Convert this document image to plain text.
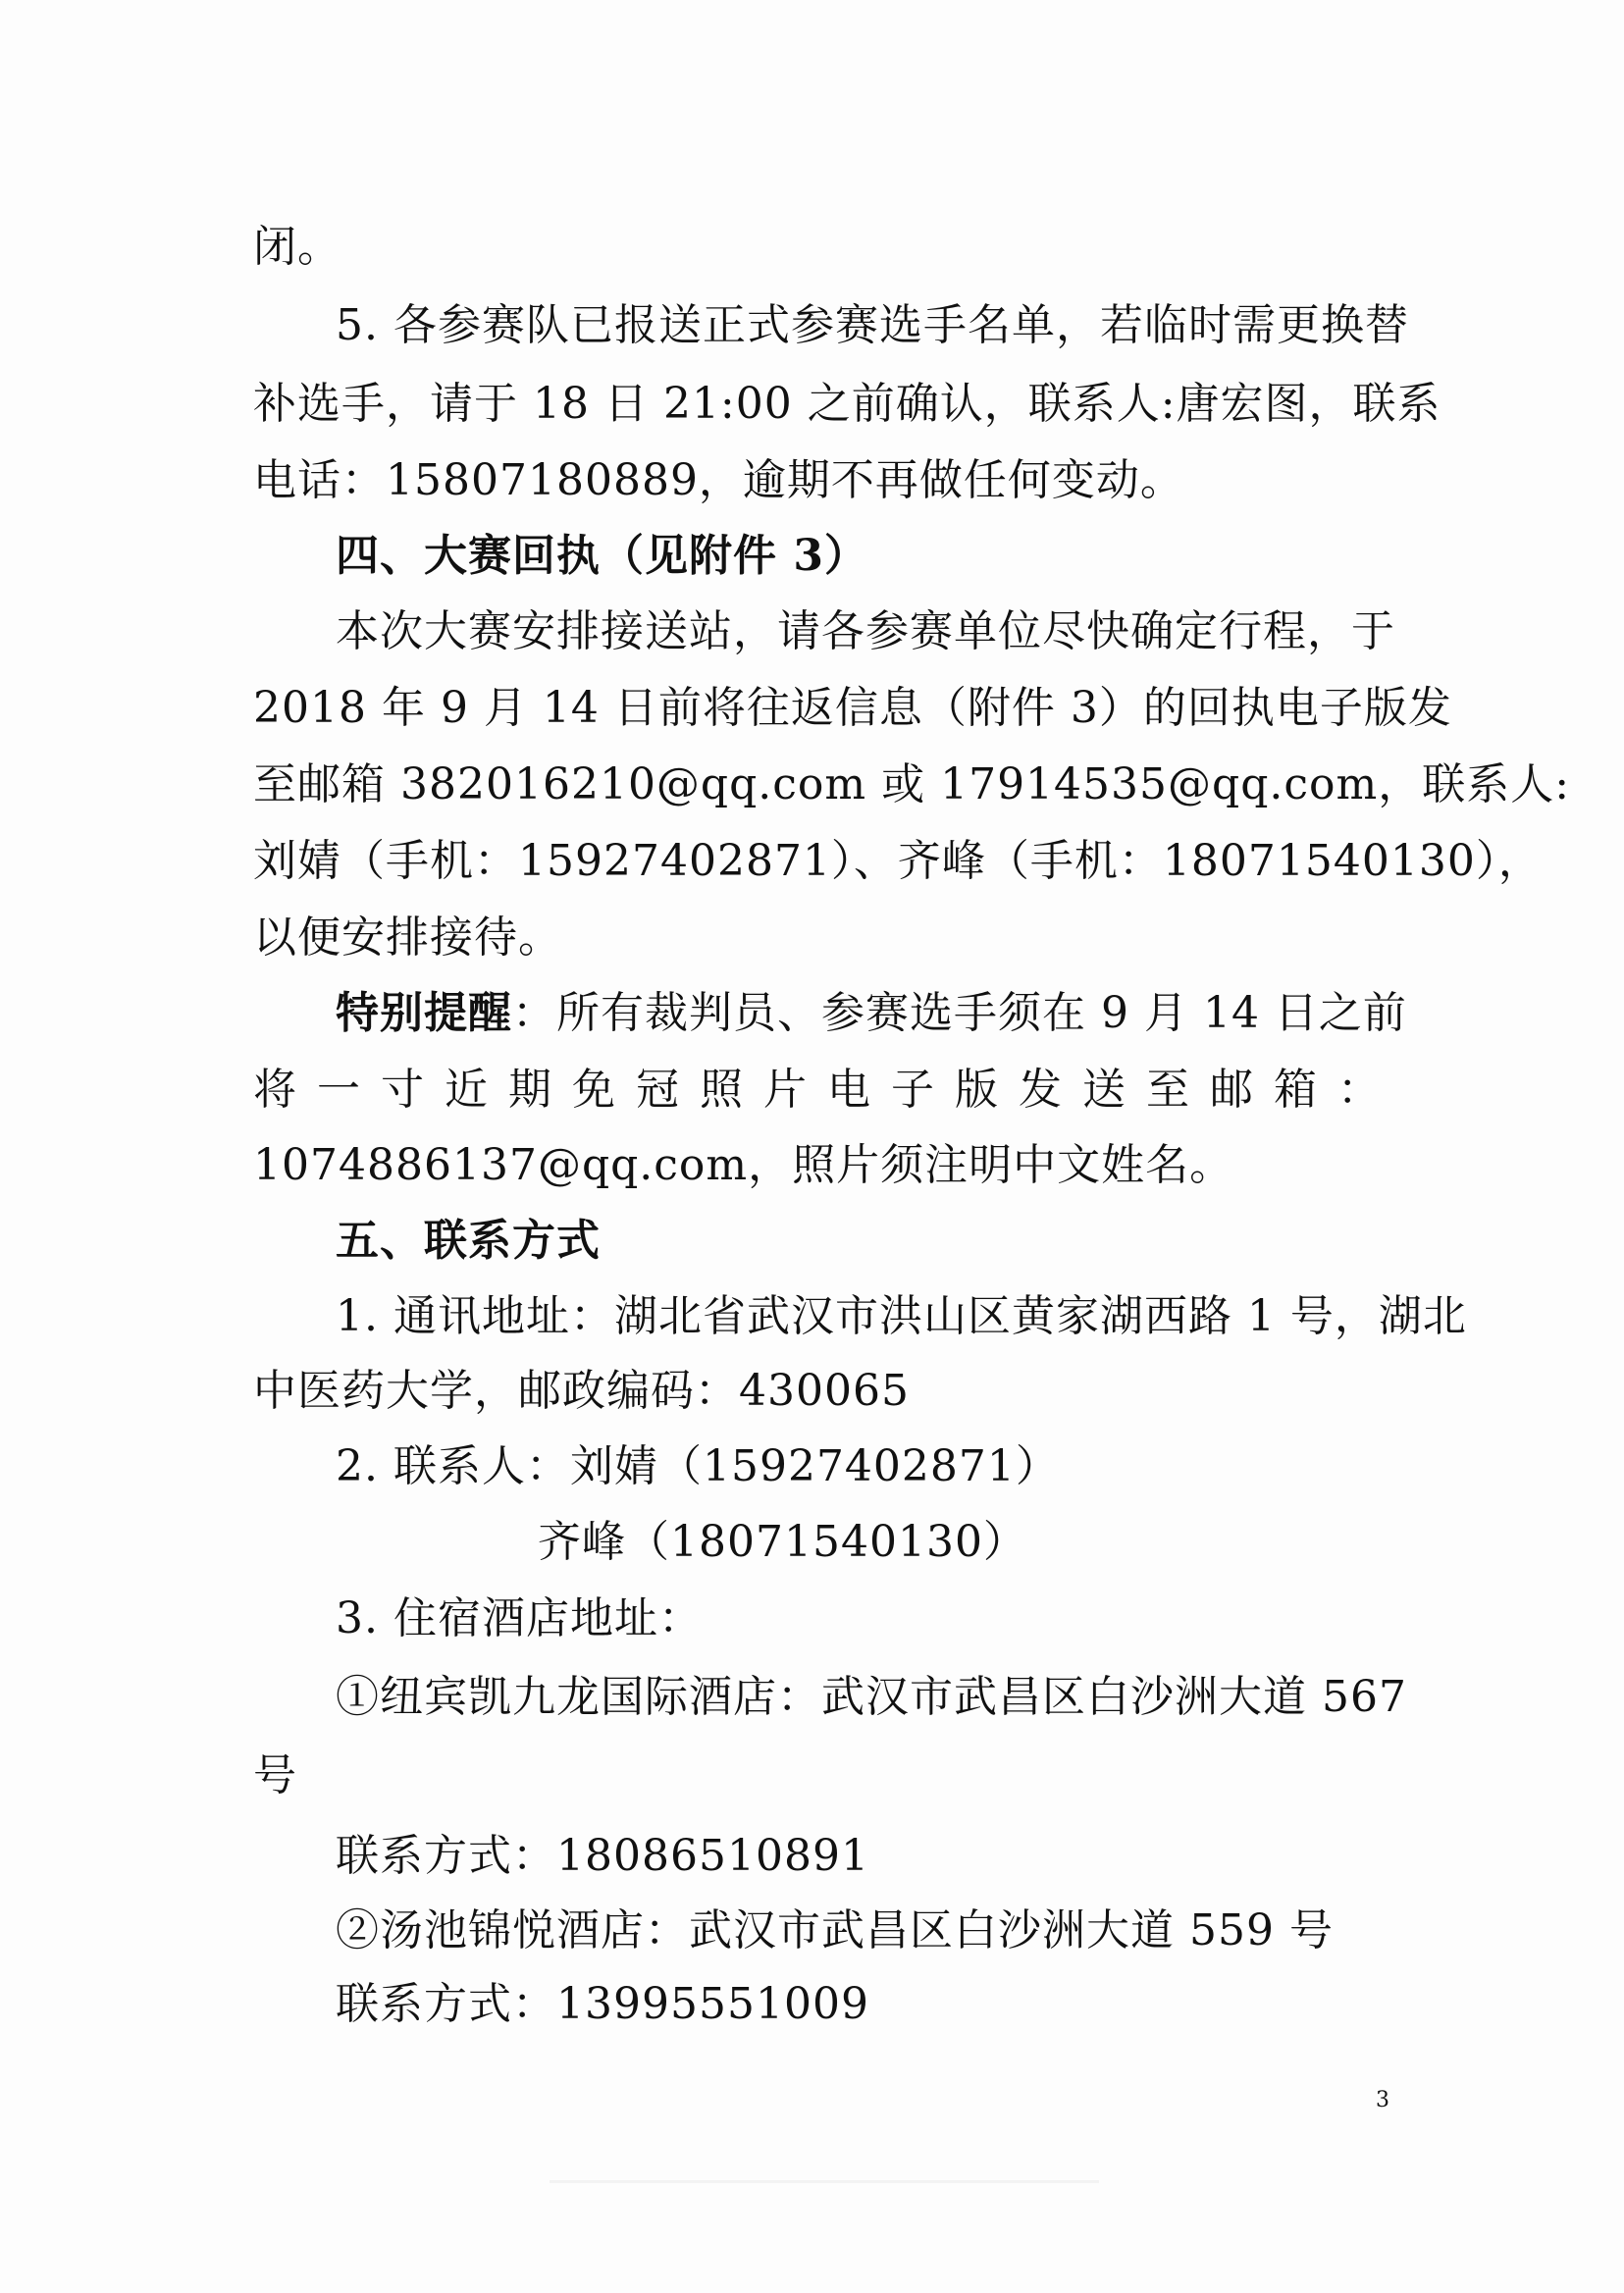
闭。
5. 各参赛队已报送正式参赛选手名单，若临时需更换替
补选手，请于 18 日 21:00 之前确认，联系人:唐宏图，联系
电话：15807180889，逾期不再做任何变动。
四、大赛回执（见附件 3）
本次大赛安排接送站，请各参赛单位尽快确定行程，于
2018 年 9 月 14 日前将往返信息（附件 3）的回执电子版发
至邮箱 382016210@qq.com 或 17914535@qq.com，联系人:
刘婧（手机：15927402871）、齐峰（手机：18071540130），
以便安排接待。
特别提醒：所有裁判员、参赛选手须在 9 月 14 日之前
将 一 寸 近 期 免 冠 照 片 电 子 版 发 送 至 邮 箱 ：
1074886137@qq.com，照片须注明中文姓名。
五、联系方式
1. 通讯地址：湖北省武汉市洪山区黄家湖西路 1 号，湖北
中医药大学，邮政编码：430065
2. 联系人：刘婧（15927402871）
齐峰（18071540130）
3. 住宿酒店地址：
①纽宾凯九龙国际酒店：武汉市武昌区白沙洲大道 567
号
联系方式：18086510891
②汤池锦悦酒店：武汉市武昌区白沙洲大道 559 号
联系方式：13995551009
3
